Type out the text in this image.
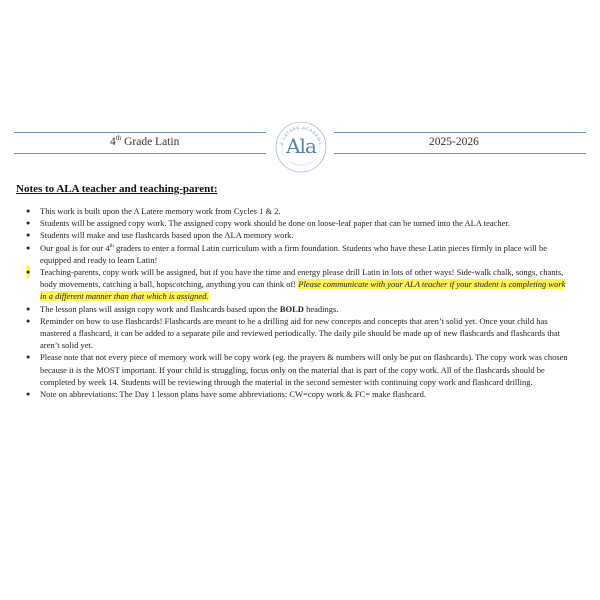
4th Grade Latin	A LATERE ACADEMY
Ala	2025-2026
Notes to ALA teacher and teaching-parent:
● This work is built upon the A Latere memory work from Cycles 1 & 2.
● Students will be assigned copy work. The assigned copy work should be done on loose-leaf paper that can be turned into the ALA teacher.
● Students will make and use flashcards based upon the ALA memory work.
● Our goal is for our 4th graders to enter a formal Latin curriculum with a firm foundation. Students who have these Latin pieces firmly in place will be equipped and ready to learn Latin!
● Teaching-parents, copy work will be assigned, but if you have the time and energy please drill Latin in lots of other ways! Side-walk chalk, songs, chants, body movements, catching a ball, hopscotching, anything you can think of! Please communicate with your ALA teacher if your student is completing work in a different manner than that which is assigned.
● The lesson plans will assign copy work and flashcards based upon the BOLD headings.
● Reminder on how to use flashcards! Flashcards are meant to be a drilling aid for new concepts and concepts that aren’t solid yet. Once your child has mastered a flashcard, it can be added to a separate pile and reviewed periodically. The daily pile should be made up of new flashcards and flashcards that aren’t solid yet.
● Please note that not every piece of memory work will be copy work (eg. the prayers & numbers will only be put on flashcards). The copy work was chosen because it is the MOST important. If your child is struggling, focus only on the material that is part of the copy work. All of the flashcards should be completed by week 14. Students will be reviewing through the material in the second semester with continuing copy work and flashcard drilling.
● Note on abbreviations: The Day 1 lesson plans have some abbreviations: CW=copy work & FC= make flashcard.
